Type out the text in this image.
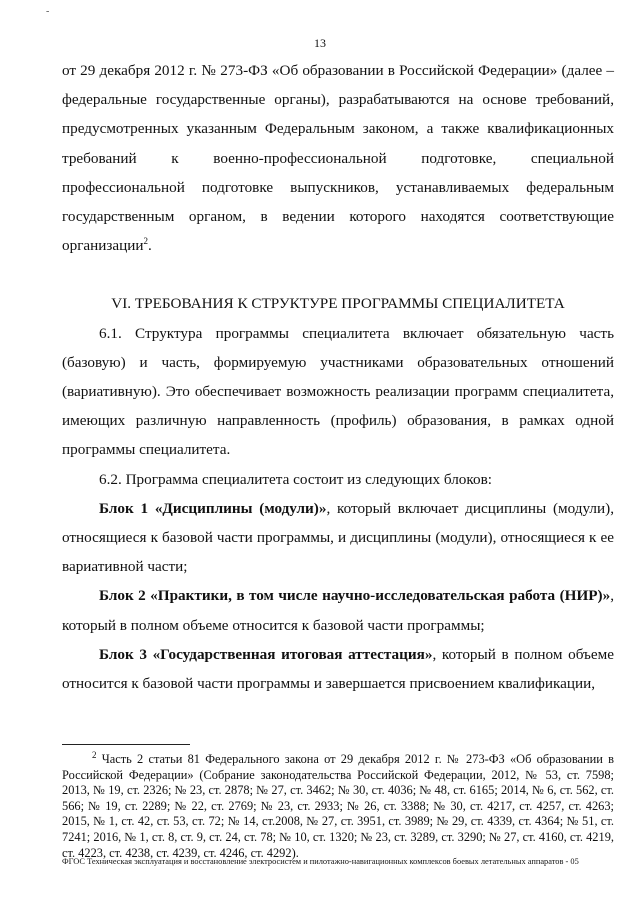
-
13

от 29 декабря 2012 г. № 273-ФЗ «Об образовании в Российской Федерации» (далее – федеральные государственные органы), разрабатываются на основе требований, предусмотренных указанным Федеральным законом, а также квалификационных требований к военно-профессиональной подготовке, специальной профессиональной подготовке выпускников, устанавливаемых федеральным государственным органом, в ведении которого находятся соответствующие организации$^2$.

VI. ТРЕБОВАНИЯ К СТРУКТУРЕ ПРОГРАММЫ СПЕЦИАЛИТЕТА

6.1. Структура программы специалитета включает обязательную часть (базовую) и часть, формируемую участниками образовательных отношений (вариативную). Это обеспечивает возможность реализации программ специалитета, имеющих различную направленность (профиль) образования, в рамках одной программы специалитета.

6.2. Программа специалитета состоит из следующих блоков:

Блок 1 «Дисциплины (модули)», который включает дисциплины (модули), относящиеся к базовой части программы, и дисциплины (модули), относящиеся к ее вариативной части;

Блок 2 «Практики, в том числе научно-исследовательская работа (НИР)», который в полном объеме относится к базовой части программы;

Блок 3 «Государственная итоговая аттестация», который в полном объеме относится к базовой части программы и завершается присвоением квалификации,

$^2$ Часть 2 статьи 81 Федерального закона от 29 декабря 2012 г. № 273-ФЗ «Об образовании в Российской Федерации» (Собрание законодательства Российской Федерации, 2012, № 53, ст. 7598; 2013, № 19, ст. 2326; № 23, ст. 2878; № 27, ст. 3462; № 30, ст. 4036; № 48, ст. 6165; 2014, № 6, ст. 562, ст. 566; № 19, ст. 2289; № 22, ст. 2769; № 23, ст. 2933; № 26, ст. 3388; № 30, ст. 4217, ст. 4257, ст. 4263; 2015, № 1, ст. 42, ст. 53, ст. 72; № 14, ст.2008, № 27, ст. 3951, ст. 3989; № 29, ст. 4339, ст. 4364; № 51, ст. 7241; 2016, № 1, ст. 8, ст. 9, ст. 24, ст. 78; № 10, ст. 1320; № 23, ст. 3289, ст. 3290; № 27, ст. 4160, ст. 4219, ст. 4223, ст. 4238, ст. 4239, ст. 4246, ст. 4292).

ФГОС Техническая эксплуатация и восстановление электросистем и пилотажно-навигационных комплексов боевых летательных аппаратов - 05
